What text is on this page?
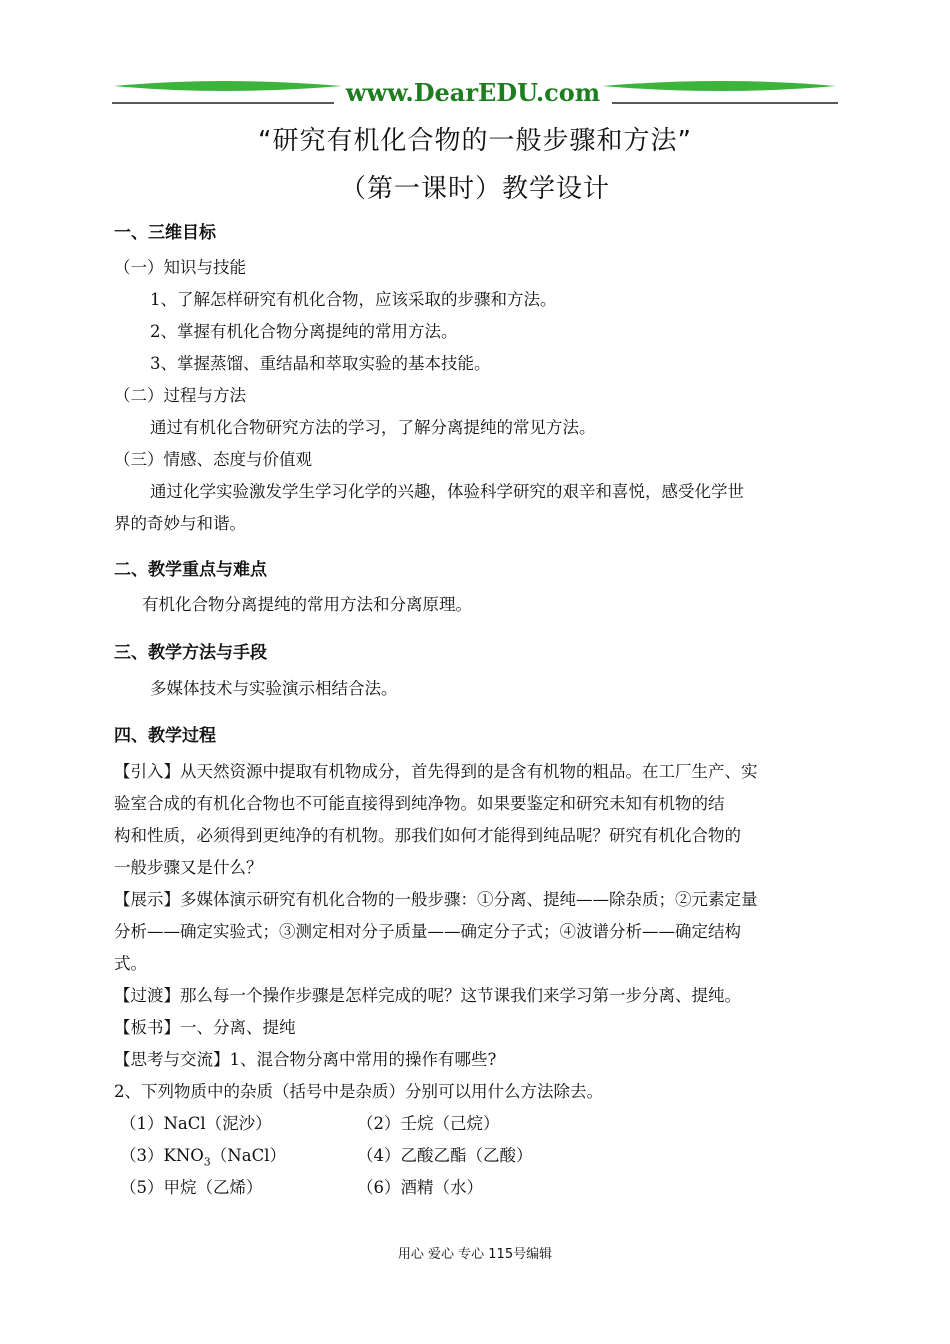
www.DearEDU.com
“研究有机化合物的一般步骤和方法”
（第一课时）教学设计
一、三维目标
（一）知识与技能
1、了解怎样研究有机化合物，应该采取的步骤和方法。
2、掌握有机化合物分离提纯的常用方法。
3、掌握蒸馏、重结晶和萃取实验的基本技能。
（二）过程与方法
通过有机化合物研究方法的学习，了解分离提纯的常见方法。
（三）情感、态度与价值观
通过化学实验激发学生学习化学的兴趣，体验科学研究的艰辛和喜悦，感受化学世
界的奇妙与和谐。
二、教学重点与难点
有机化合物分离提纯的常用方法和分离原理。
三、教学方法与手段
多媒体技术与实验演示相结合法。
四、教学过程
【引入】从天然资源中提取有机物成分，首先得到的是含有机物的粗品。在工厂生产、实
验室合成的有机化合物也不可能直接得到纯净物。如果要鉴定和研究未知有机物的结
构和性质，必须得到更纯净的有机物。那我们如何才能得到纯品呢？研究有机化合物的
一般步骤又是什么？
【展示】多媒体演示研究有机化合物的一般步骤：①分离、提纯——除杂质；②元素定量
分析——确定实验式；③测定相对分子质量——确定分子式；④波谱分析——确定结构
式。
【过渡】那么每一个操作步骤是怎样完成的呢？这节课我们来学习第一步分离、提纯。
【板书】一、分离、提纯
【思考与交流】1、混合物分离中常用的操作有哪些?
2、下列物质中的杂质（括号中是杂质）分别可以用什么方法除去。
（1）NaCl（泥沙）	（2）壬烷（己烷）
$(3)KNO_3(NaCl)$	（4）乙酸乙酯（乙酸）
（5）甲烷（乙烯）	（6）酒精（水）
用心 爱心 专心 115号编辑
